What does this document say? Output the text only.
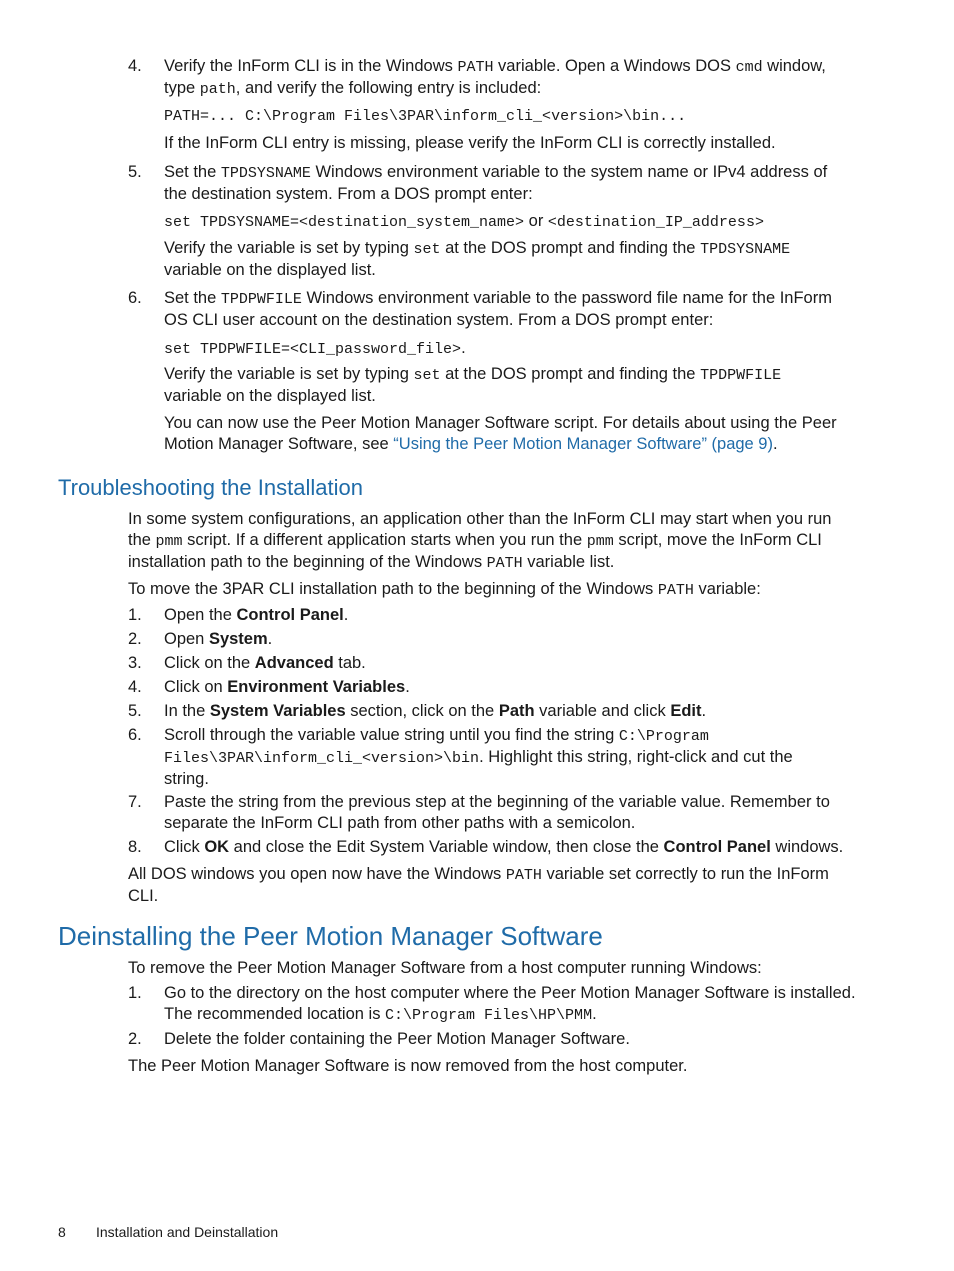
4. Verify the InForm CLI is in the Windows PATH variable. Open a Windows DOS cmd window,
type path, and verify the following entry is included:
PATH=... C:\Program Files\3PAR\inform_cli_<version>\bin...
If the InForm CLI entry is missing, please verify the InForm CLI is correctly installed.
5. Set the TPDSYSNAME Windows environment variable to the system name or IPv4 address of
the destination system. From a DOS prompt enter:
set TPDSYSNAME=<destination_system_name> or <destination_IP_address>
Verify the variable is set by typing set at the DOS prompt and finding the TPDSYSNAME
variable on the displayed list.
6. Set the TPDPWFILE Windows environment variable to the password file name for the InForm
OS CLI user account on the destination system. From a DOS prompt enter:
set TPDPWFILE=<CLI_password_file>.
Verify the variable is set by typing set at the DOS prompt and finding the TPDPWFILE
variable on the displayed list.
You can now use the Peer Motion Manager Software script. For details about using the Peer
Motion Manager Software, see “Using the Peer Motion Manager Software” (page 9).
Troubleshooting the Installation
In some system configurations, an application other than the InForm CLI may start when you run
the pmm script. If a different application starts when you run the pmm script, move the InForm CLI
installation path to the beginning of the Windows PATH variable list.
To move the 3PAR CLI installation path to the beginning of the Windows PATH variable:
1. Open the Control Panel.
2. Open System.
3. Click on the Advanced tab.
4. Click on Environment Variables.
5. In the System Variables section, click on the Path variable and click Edit.
6. Scroll through the variable value string until you find the string C:\Program
Files\3PAR\inform_cli_<version>\bin. Highlight this string, right-click and cut the
string.
7. Paste the string from the previous step at the beginning of the variable value. Remember to
separate the InForm CLI path from other paths with a semicolon.
8. Click OK and close the Edit System Variable window, then close the Control Panel windows.
All DOS windows you open now have the Windows PATH variable set correctly to run the InForm
CLI.
Deinstalling the Peer Motion Manager Software
To remove the Peer Motion Manager Software from a host computer running Windows:
1. Go to the directory on the host computer where the Peer Motion Manager Software is installed.
The recommended location is C:\Program Files\HP\PMM.
2. Delete the folder containing the Peer Motion Manager Software.
The Peer Motion Manager Software is now removed from the host computer.
8 Installation and Deinstallation
